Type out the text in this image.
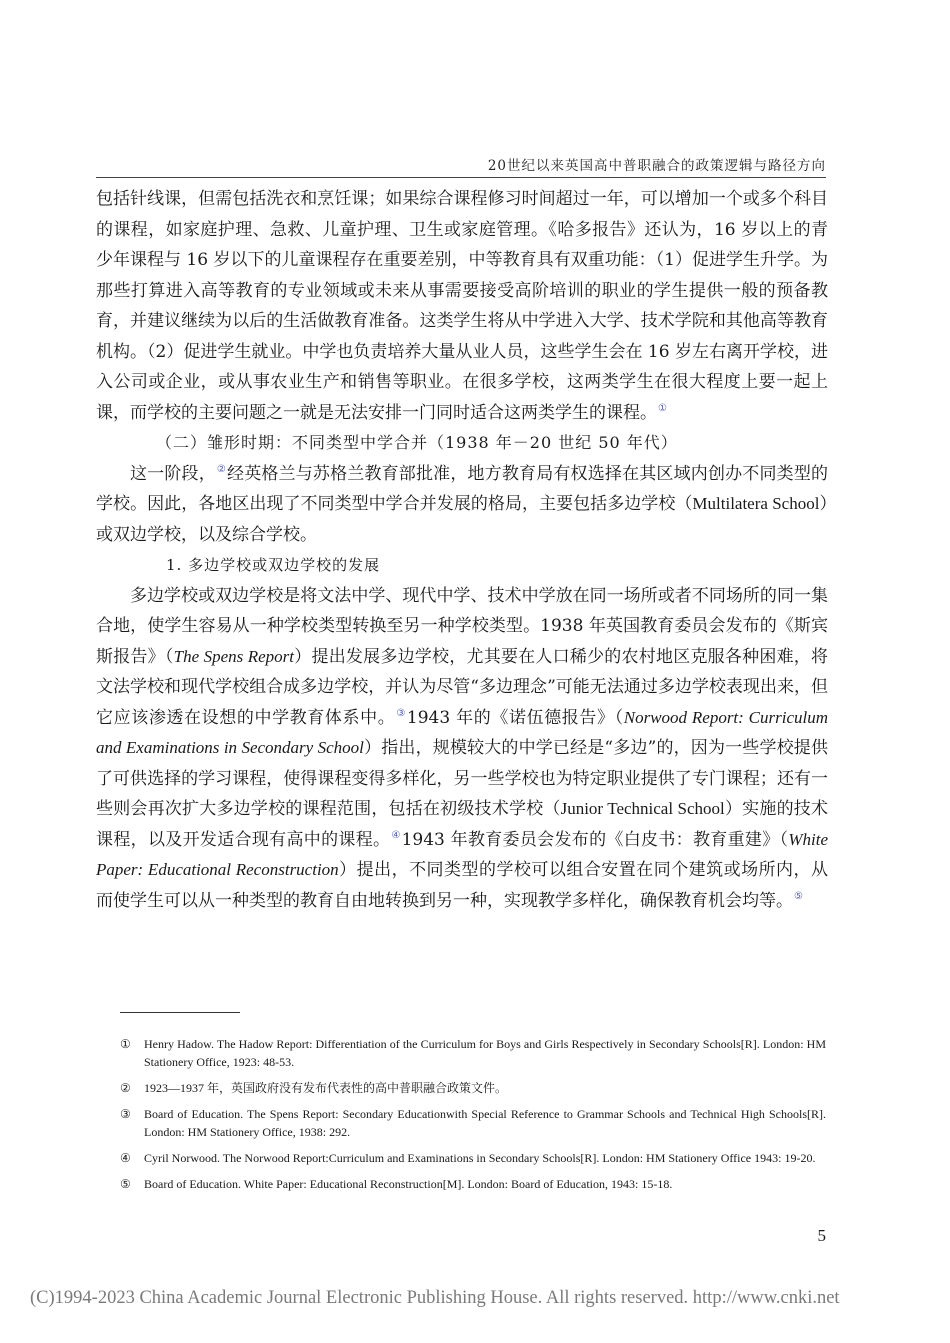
20世纪以来英国高中普职融合的政策逻辑与路径方向

包括针线课，但需包括洗衣和烹饪课；如果综合课程修习时间超过一年，可以增加一个或多个科目的课程，如家庭护理、急救、儿童护理、卫生或家庭管理。《哈多报告》还认为，16 岁以上的青少年课程与 16 岁以下的儿童课程存在重要差别，中等教育具有双重功能：（1）促进学生升学。为那些打算进入高等教育的专业领域或未来从事需要接受高阶培训的职业的学生提供一般的预备教育，并建议继续为以后的生活做教育准备。这类学生将从中学进入大学、技术学院和其他高等教育机构。（2）促进学生就业。中学也负责培养大量从业人员，这些学生会在 16 岁左右离开学校，进入公司或企业，或从事农业生产和销售等职业。在很多学校，这两类学生在很大程度上要一起上课，而学校的主要问题之一就是无法安排一门同时适合这两类学生的课程。①

（二）雏形时期：不同类型中学合并（1938 年－20 世纪 50 年代）

这一阶段，②经英格兰与苏格兰教育部批准，地方教育局有权选择在其区域内创办不同类型的学校。因此，各地区出现了不同类型中学合并发展的格局，主要包括多边学校（Multilatera School）或双边学校，以及综合学校。

1. 多边学校或双边学校的发展

多边学校或双边学校是将文法中学、现代中学、技术中学放在同一场所或者不同场所的同一集合地，使学生容易从一种学校类型转换至另一种学校类型。1938 年英国教育委员会发布的《斯宾斯报告》（The Spens Report）提出发展多边学校，尤其要在人口稀少的农村地区克服各种困难，将文法学校和现代学校组合成多边学校，并认为尽管“多边理念”可能无法通过多边学校表现出来，但它应该渗透在设想的中学教育体系中。③1943 年的《诺伍德报告》（Norwood Report: Curriculum and Examinations in Secondary School）指出，规模较大的中学已经是“多边”的，因为一些学校提供了可供选择的学习课程，使得课程变得多样化，另一些学校也为特定职业提供了专门课程；还有一些则会再次扩大多边学校的课程范围，包括在初级技术学校（Junior Technical School）实施的技术课程，以及开发适合现有高中的课程。④1943 年教育委员会发布的《白皮书：教育重建》（White Paper: Educational Reconstruction）提出，不同类型的学校可以组合安置在同个建筑或场所内，从而使学生可以从一种类型的教育自由地转换到另一种，实现教学多样化，确保教育机会均等。⑤

①	Henry Hadow. The Hadow Report: Differentiation of the Curriculum for Boys and Girls Respectively in Secondary Schools[R]. London: HM Stationery Office, 1923: 48-53.
②	1923—1937 年，英国政府没有发布代表性的高中普职融合政策文件。
③	Board of Education. The Spens Report: Secondary Educationwith Special Reference to Grammar Schools and Technical High Schools[R]. London: HM Stationery Office, 1938: 292.
④	Cyril Norwood. The Norwood Report:Curriculum and Examinations in Secondary Schools[R]. London: HM Stationery Office 1943: 19-20.
⑤	Board of Education. White Paper: Educational Reconstruction[M]. London: Board of Education, 1943: 15-18.
5
(C)1994-2023 China Academic Journal Electronic Publishing House. All rights reserved. http://www.cnki.net
